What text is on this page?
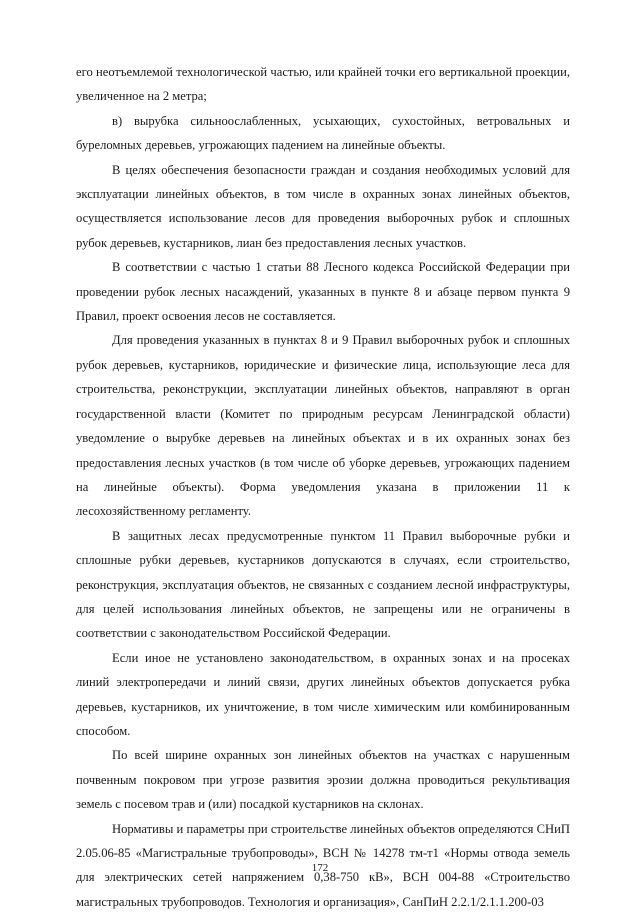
его неотъемлемой технологической частью, или крайней точки его вертикальной проекции, увеличенное на 2 метра;

в) вырубка сильноослабленных, усыхающих, сухостойных, ветровальных и буреломных деревьев, угрожающих падением на линейные объекты.

В целях обеспечения безопасности граждан и создания необходимых условий для эксплуатации линейных объектов, в том числе в охранных зонах линейных объектов, осуществляется использование лесов для проведения выборочных рубок и сплошных рубок деревьев, кустарников, лиан без предоставления лесных участков.

В соответствии с частью 1 статьи 88 Лесного кодекса Российской Федерации при проведении рубок лесных насаждений, указанных в пункте 8 и абзаце первом пункта 9 Правил, проект освоения лесов не составляется.

Для проведения указанных в пунктах 8 и 9 Правил выборочных рубок и сплошных рубок деревьев, кустарников, юридические и физические лица, использующие леса для строительства, реконструкции, эксплуатации линейных объектов, направляют в орган государственной власти (Комитет по природным ресурсам Ленинградской области) уведомление о вырубке деревьев на линейных объектах и в их охранных зонах без предоставления лесных участков (в том числе об уборке деревьев, угрожающих падением на линейные объекты). Форма уведомления указана в приложении 11 к лесохозяйственному регламенту.

В защитных лесах предусмотренные пунктом 11 Правил выборочные рубки и сплошные рубки деревьев, кустарников допускаются в случаях, если строительство, реконструкция, эксплуатация объектов, не связанных с созданием лесной инфраструктуры, для целей использования линейных объектов, не запрещены или не ограничены в соответствии с законодательством Российской Федерации.

Если иное не установлено законодательством, в охранных зонах и на просеках линий электропередачи и линий связи, других линейных объектов допускается рубка деревьев, кустарников, их уничтожение, в том числе химическим или комбинированным способом.

По всей ширине охранных зон линейных объектов на участках с нарушенным почвенным покровом при угрозе развития эрозии должна проводиться рекультивация земель с посевом трав и (или) посадкой кустарников на склонах.

Нормативы и параметры при строительстве линейных объектов определяются СНиП 2.05.06-85 «Магистральные трубопроводы», ВСН № 14278 тм-т1 «Нормы отвода земель для электрических сетей напряжением 0,38-750 кВ», ВСН 004-88 «Строительство магистральных трубопроводов. Технология и организация», СанПиН 2.2.1/2.1.1.200-03

172
